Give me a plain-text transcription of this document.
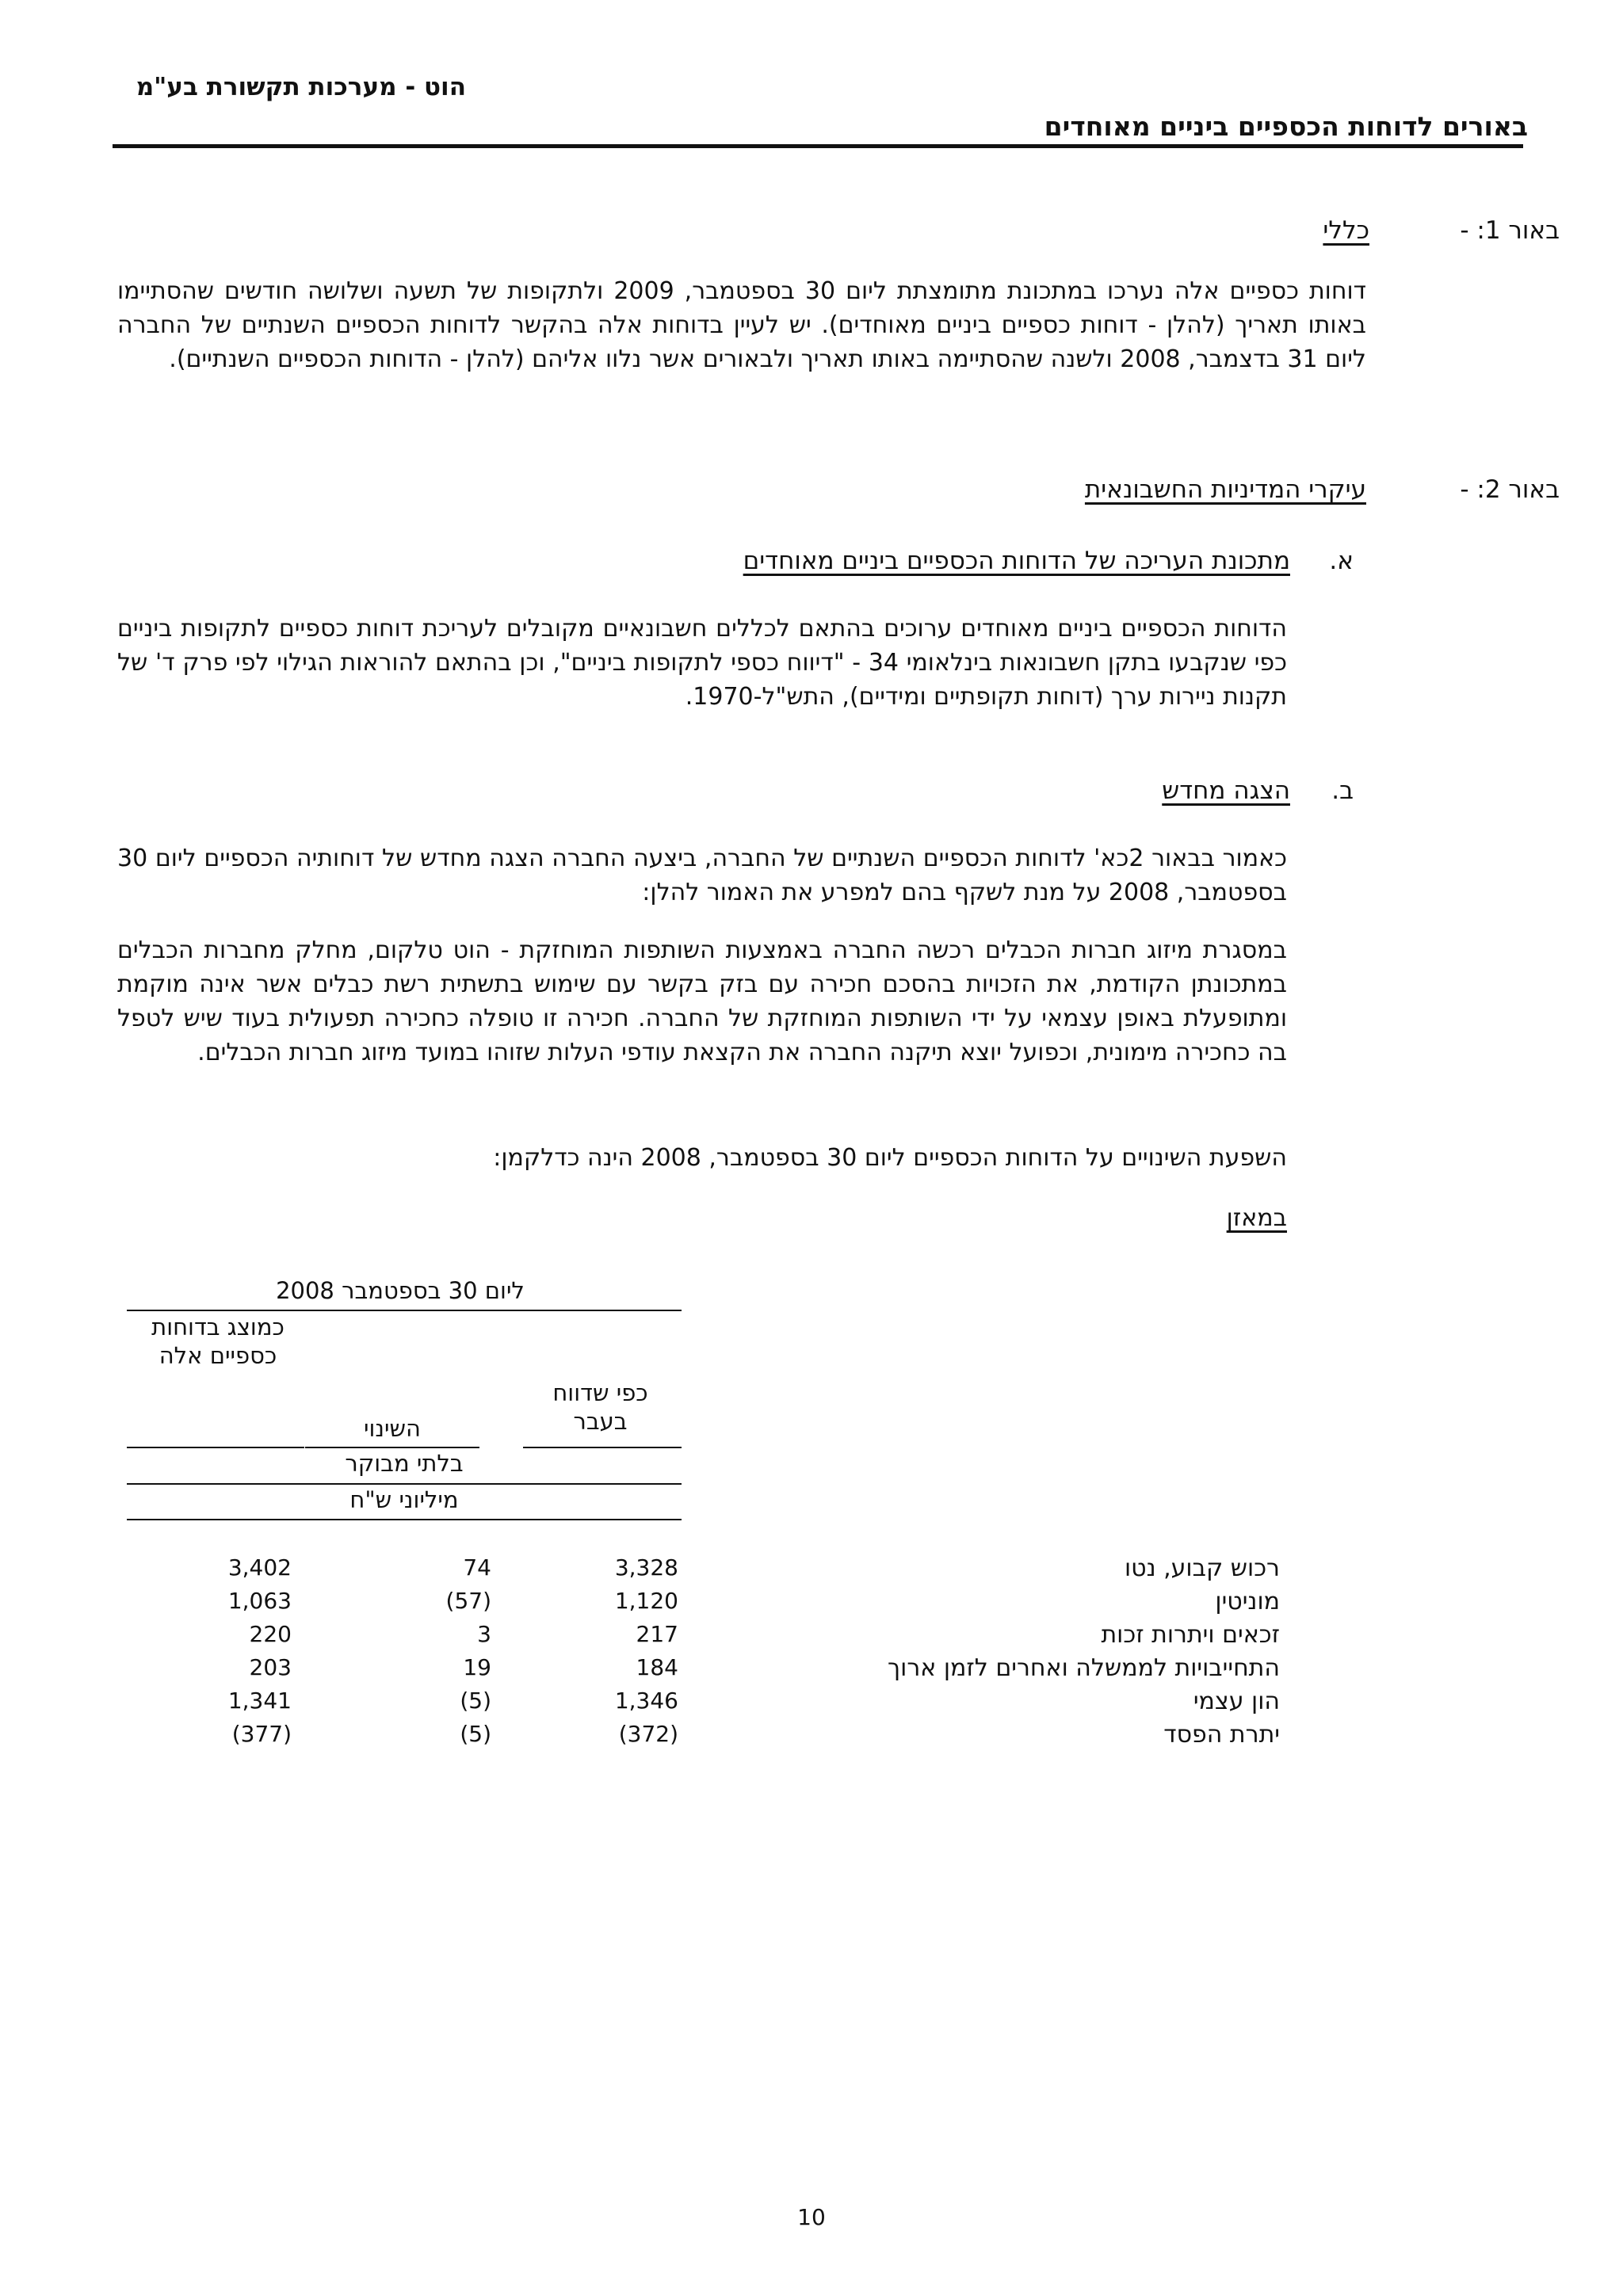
הוט - מערכות תקשורת בע"מ
באורים לדוחות הכספיים ביניים מאוחדים
באור 1: -
כללי
דוחות כספיים אלה נערכו במתכונת מתומצתת ליום 30 בספטמבר, 2009 ולתקופות של תשעה ושלושה חודשים שהסתיימו באותו תאריך (להלן - דוחות כספיים ביניים מאוחדים). יש לעיין בדוחות אלה בהקשר לדוחות הכספיים השנתיים של החברה ליום 31 בדצמבר, 2008 ולשנה שהסתיימה באותו תאריך ולבאורים אשר נלוו אליהם (להלן - הדוחות הכספיים השנתיים).
באור 2: -
עיקרי המדיניות החשבונאית
א.
מתכונת העריכה של הדוחות הכספיים ביניים מאוחדים
הדוחות הכספיים ביניים מאוחדים ערוכים בהתאם לכללים חשבונאיים מקובלים לעריכת דוחות כספיים לתקופות ביניים כפי שנקבעו בתקן חשבונאות בינלאומי 34 - "דיווח כספי לתקופות ביניים", וכן בהתאם להוראות הגילוי לפי פרק ד' של תקנות ניירות ערך (דוחות תקופתיים ומידיים), התש"ל-1970.
ב.
הצגה מחדש
כאמור בבאור 2כא' לדוחות הכספיים השנתיים של החברה, ביצעה החברה הצגה מחדש של דוחותיה הכספיים ליום 30 בספטמבר, 2008 על מנת לשקף בהם למפרע את האמור להלן:
במסגרת מיזוג חברות הכבלים רכשה החברה באמצעות השותפות המוחזקת - הוט טלקום, מחלק מחברות הכבלים במתכונתן הקודמת, את הזכויות בהסכם חכירה עם בזק בקשר עם שימוש בתשתית רשת כבלים אשר אינה מוקמת ומתופעלת באופן עצמאי על ידי השותפות המוחזקת של החברה. חכירה זו טופלה כחכירה תפעולית בעוד שיש לטפל בה כחכירה מימונית, וכפועל יוצא תיקנה החברה את הקצאת עודפי העלות שזוהו במועד מיזוג חברות הכבלים.
השפעת השינויים על הדוחות הכספיים ליום 30 בספטמבר, 2008 הינה כדלקמן:
במאזן
ליום 30 בספטמבר 2008
כמוצג בדוחות כספיים אלה
השינוי
כפי שדווח בעבר
בלתי מבוקר
מיליוני ש"ח
רכוש קבוע, נטו
3,328
74
3,402
מוניטין
1,120
(57)
1,063
זכאים ויתרות זכות
217
3
220
התחייבויות לממשלה ואחרים לזמן ארוך
184
19
203
הון עצמי
1,346
(5)
1,341
יתרת הפסד
(372)
(5)
(377)
10
